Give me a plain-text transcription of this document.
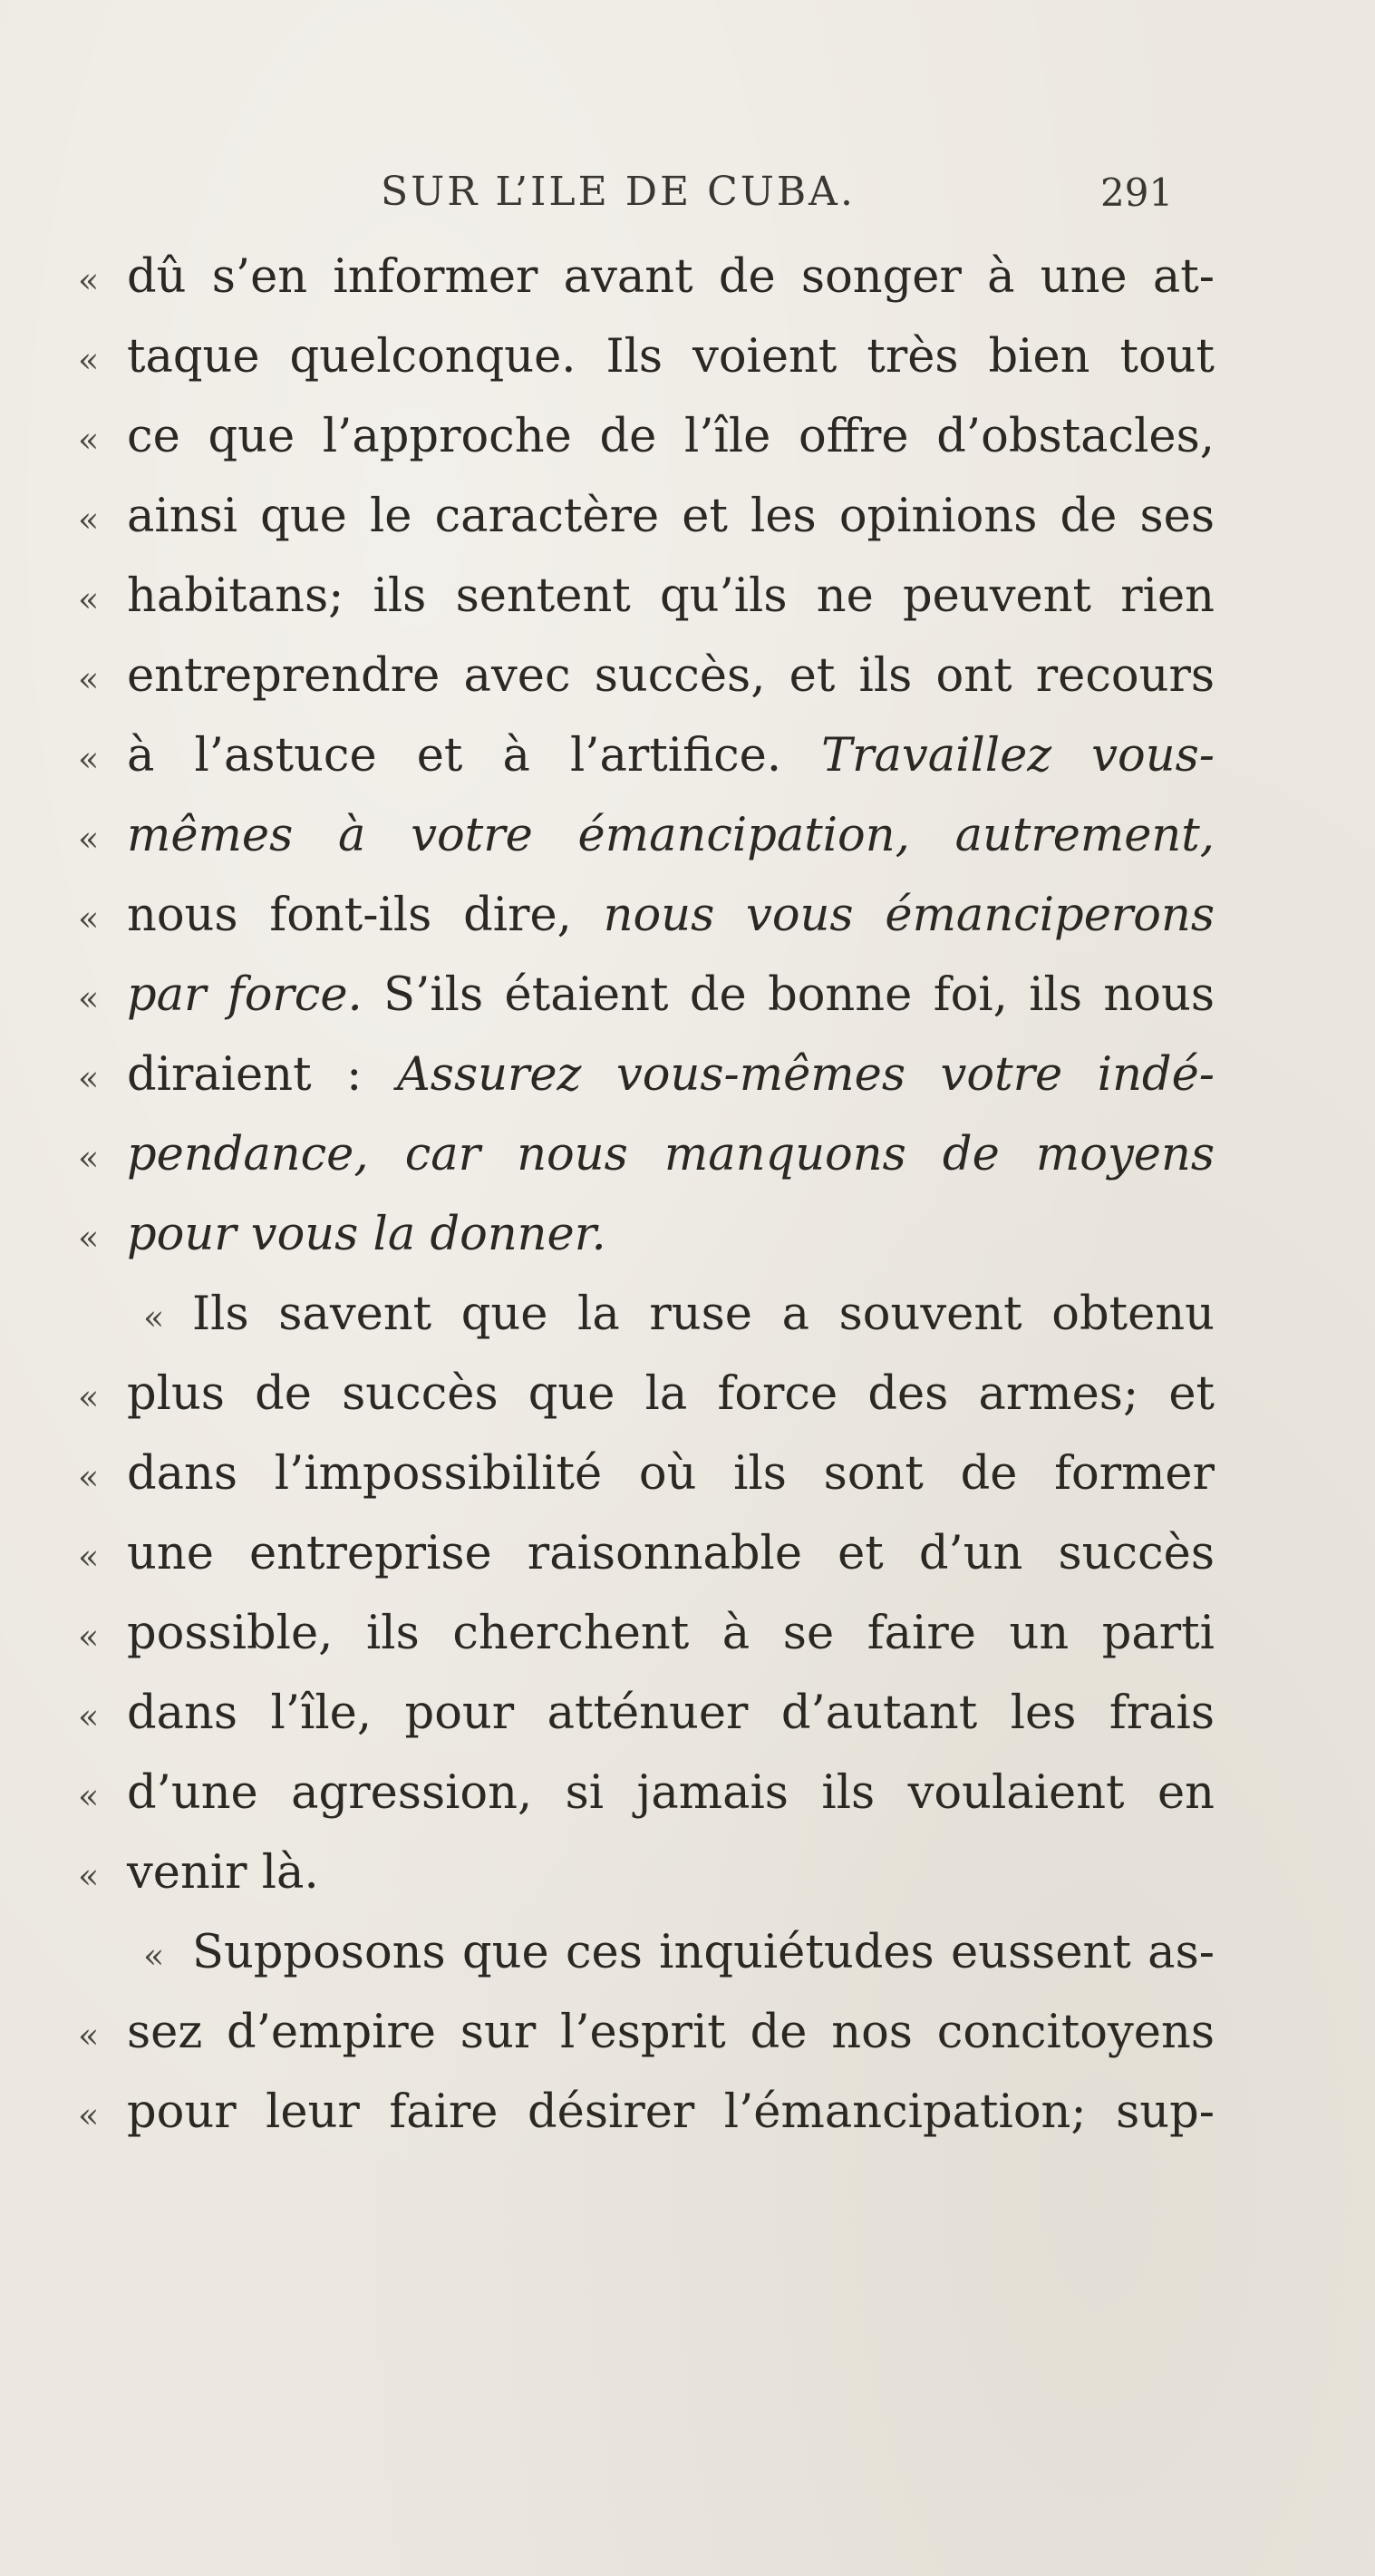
SUR L’ILE DE CUBA.	291
« dû s’en informer avant de songer à une at-
« taque quelconque. Ils voient très bien tout
« ce que l’approche de l’île offre d’obstacles,
« ainsi que le caractère et les opinions de ses
« habitans; ils sentent qu’ils ne peuvent rien
« entreprendre avec succès, et ils ont recours
« à l’astuce et à l’artifice. Travaillez vous-
« mêmes à votre émancipation, autrement,
« nous font-ils dire, nous vous émanciperons
« par force. S’ils étaient de bonne foi, ils nous
« diraient : Assurez vous-mêmes votre indé-
« pendance, car nous manquons de moyens
« pour vous la donner.
« Ils savent que la ruse a souvent obtenu
« plus de succès que la force des armes; et
« dans l’impossibilité où ils sont de former
« une entreprise raisonnable et d’un succès
« possible, ils cherchent à se faire un parti
« dans l’île, pour atténuer d’autant les frais
« d’une agression, si jamais ils voulaient en
« venir là.
« Supposons que ces inquiétudes eussent as-
« sez d’empire sur l’esprit de nos concitoyens
« pour leur faire désirer l’émancipation; sup-
